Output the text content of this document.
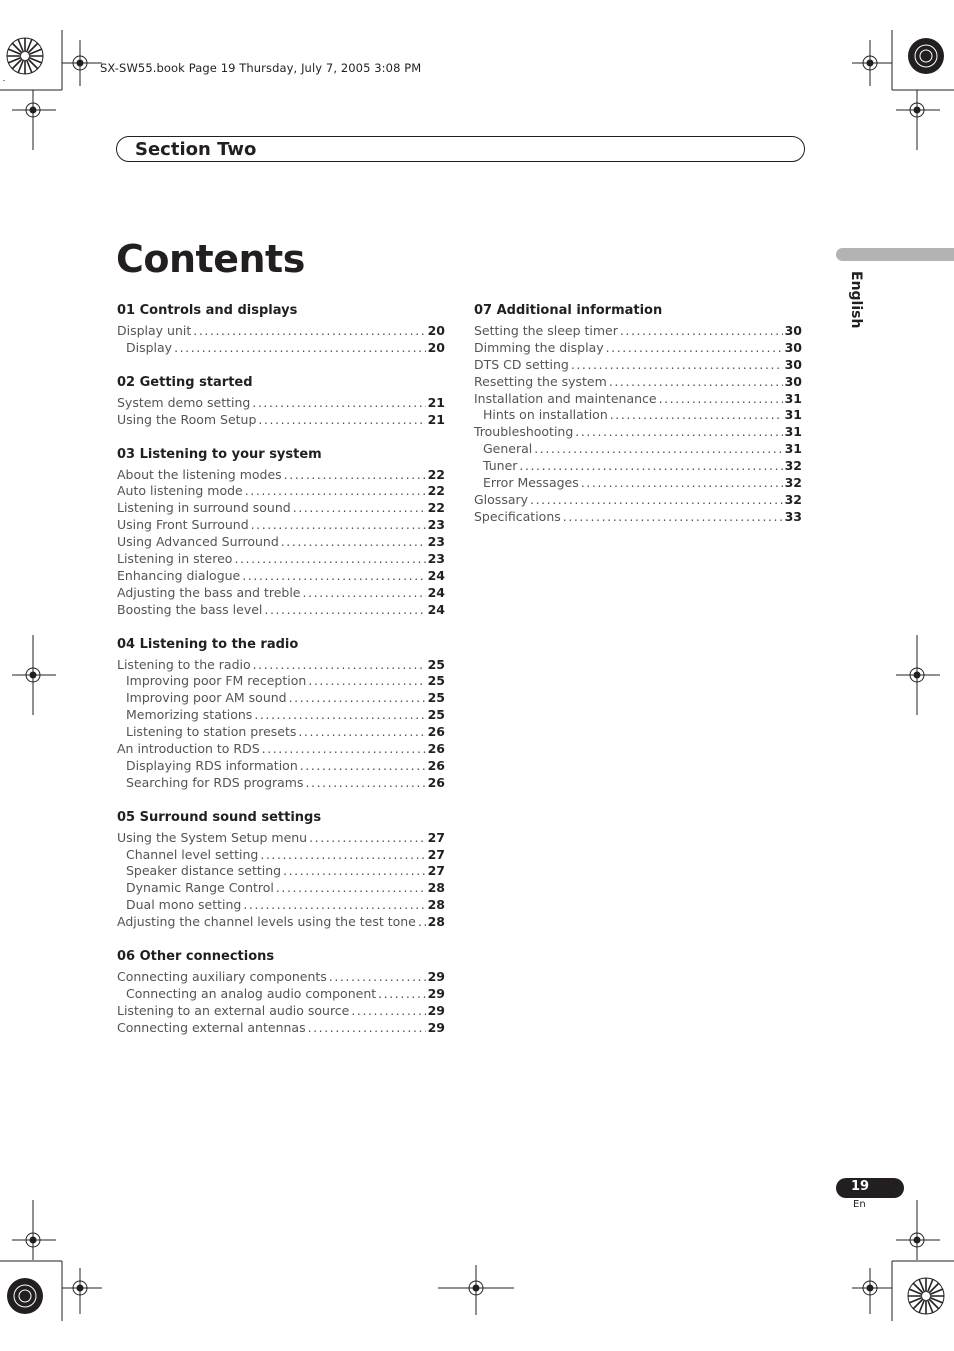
SX-SW55.book Page 19 Thursday, July 7, 2005 3:08 PM
Section Two
Contents
English
01 Controls and displays
Display unit . . .	20
Display . . .	20
02 Getting started
System demo setting . . .	21
Using the Room Setup . . .	21
03 Listening to your system
About the listening modes . . .	22
Auto listening mode . . .	22
Listening in surround sound . . .	22
Using Front Surround . . .	23
Using Advanced Surround . . .	23
Listening in stereo . . .	23
Enhancing dialogue . . .	24
Adjusting the bass and treble . . .	24
Boosting the bass level . . .	24
04 Listening to the radio
Listening to the radio . . .	25
Improving poor FM reception . . .	25
Improving poor AM sound . . .	25
Memorizing stations . . .	25
Listening to station presets . . .	26
An introduction to RDS . . .	26
Displaying RDS information . . .	26
Searching for RDS programs . . .	26
05 Surround sound settings
Using the System Setup menu . . .	27
Channel level setting . . .	27
Speaker distance setting . . .	27
Dynamic Range Control . . .	28
Dual mono setting . . .	28
Adjusting the channel levels using the test tone . . . 28
06 Other connections
Connecting auxiliary components . . .	29
Connecting an analog audio component . . .	29
Listening to an external audio source . . .	29
Connecting external antennas . . .	29
07 Additional information
Setting the sleep timer . . .	30
Dimming the display . . .	30
DTS CD setting . . .	30
Resetting the system . . .	30
Installation and maintenance . . .	31
Hints on installation . . .	31
Troubleshooting . . .	31
General . . .	31
Tuner . . .	32
Error Messages . . .	32
Glossary . . .	32
Specifications . . .	33
19
En
